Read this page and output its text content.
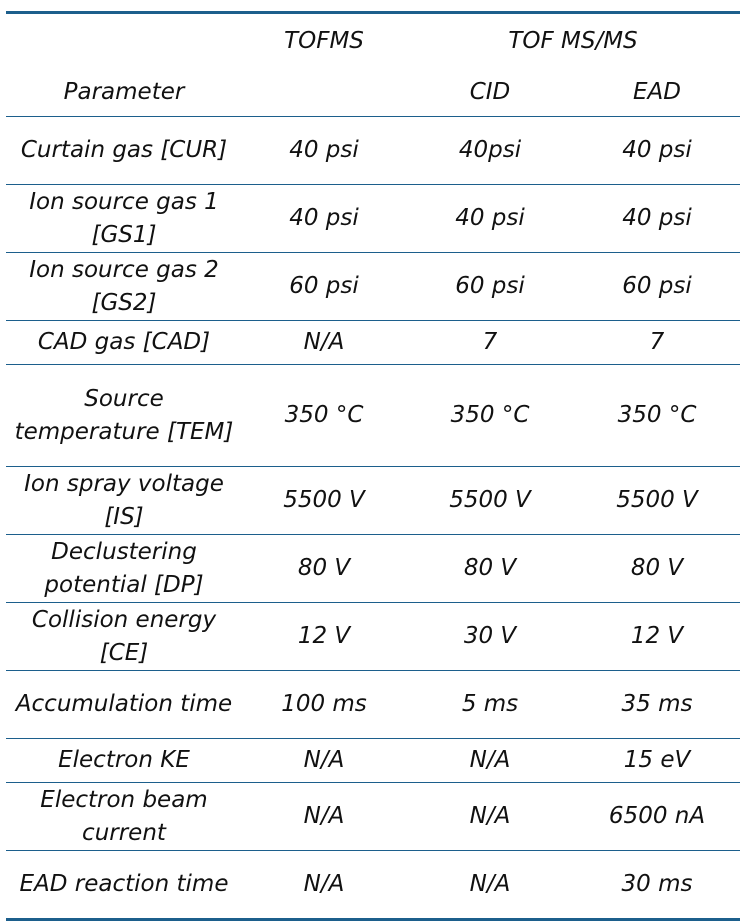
	TOFMS	TOF MS/MS	
Parameter		CID	EAD
Curtain gas [CUR]	40 psi	40psi	40 psi
Ion source gas 1 [GS1]	40 psi	40 psi	40 psi
Ion source gas 2 [GS2]	60 psi	60 psi	60 psi
CAD gas [CAD]	N/A	7	7
Source temperature [TEM]	350 °C	350 °C	350 °C
Ion spray voltage [IS]	5500 V	5500 V	5500 V
Declustering potential [DP]	80 V	80 V	80 V
Collision energy [CE]	12 V	30 V	12 V
Accumulation time	100 ms	5 ms	35 ms
Electron KE	N/A	N/A	15 eV
Electron beam current	N/A	N/A	6500 nA
EAD reaction time	N/A	N/A	30 ms
